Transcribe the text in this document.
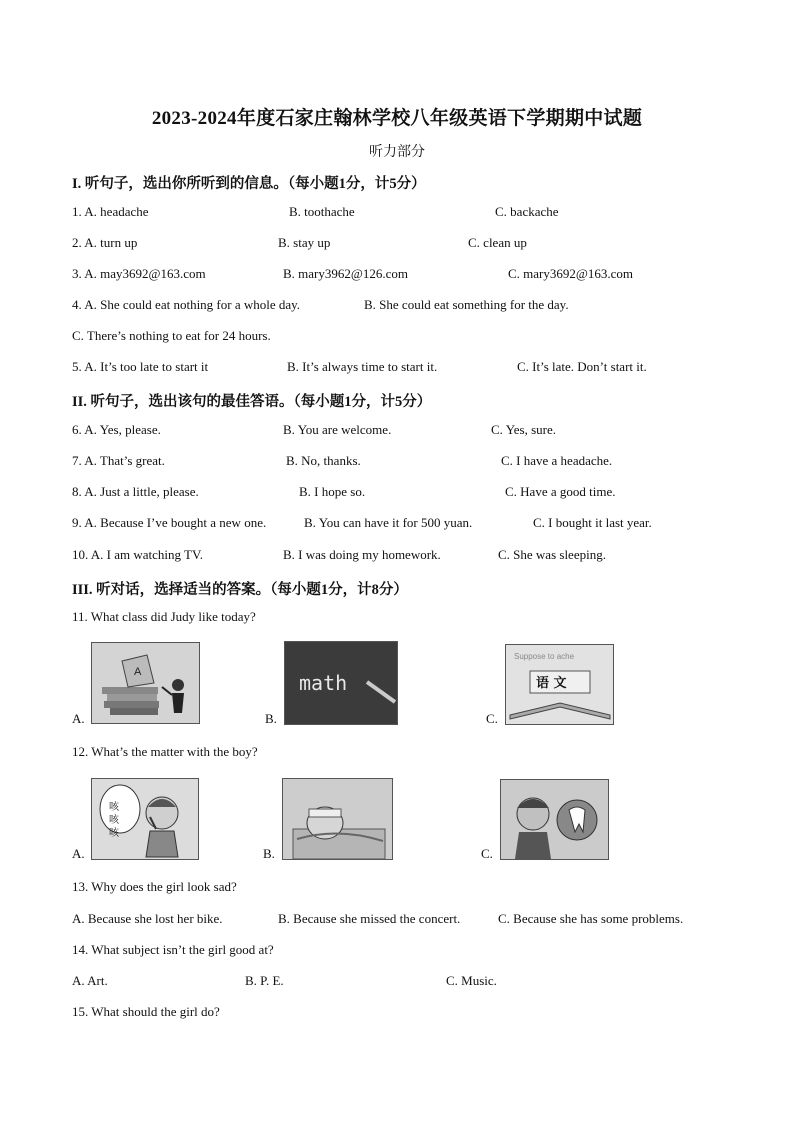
2023-2024年度石家庄翰林学校八年级英语下学期期中试题
听力部分
I. 听句子，选出你所听到的信息。（每小题1分，计5分）
1. A. headache	B. toothache	C. backache
2. A. turn up	B. stay up	C. clean up
3. A. may3692@163.com	B. mary3962@126.com	C. mary3692@163.com
4. A. She could eat nothing for a whole day.	B. She could eat something for the day.
C. There’s nothing to eat for 24 hours.
5. A. It’s too late to start it	B. It’s always time to start it.	C. It’s late. Don’t start it.
II. 听句子，选出该句的最佳答语。（每小题1分，计5分）
6. A. Yes, please.	B. You are welcome.	C. Yes, sure.
7. A. That’s great.	B. No, thanks.	C. I have a headache.
8. A. Just a little, please.	B. I hope so.	C. Have a good time.
9. A. Because I’ve bought a new one.	B. You can have it for 500 yuan.	C. I bought it last year.
10. A. I am watching TV.	B. I was doing my homework.	C. She was sleeping.
III. 听对话，选择适当的答案。（每小题1分，计8分）
11. What class did Judy like today?
A.
A
B.
math
C.
Suppose to ache
语 文
12. What’s the matter with the boy?
A.
咳 咳 咳
B.	C.
13. Why does the girl look sad?
A. Because she lost her bike.	B. Because she missed the concert.	C. Because she has some problems.
14. What subject isn’t the girl good at?
A. Art.	B. P. E.	C. Music.
15. What should the girl do?
